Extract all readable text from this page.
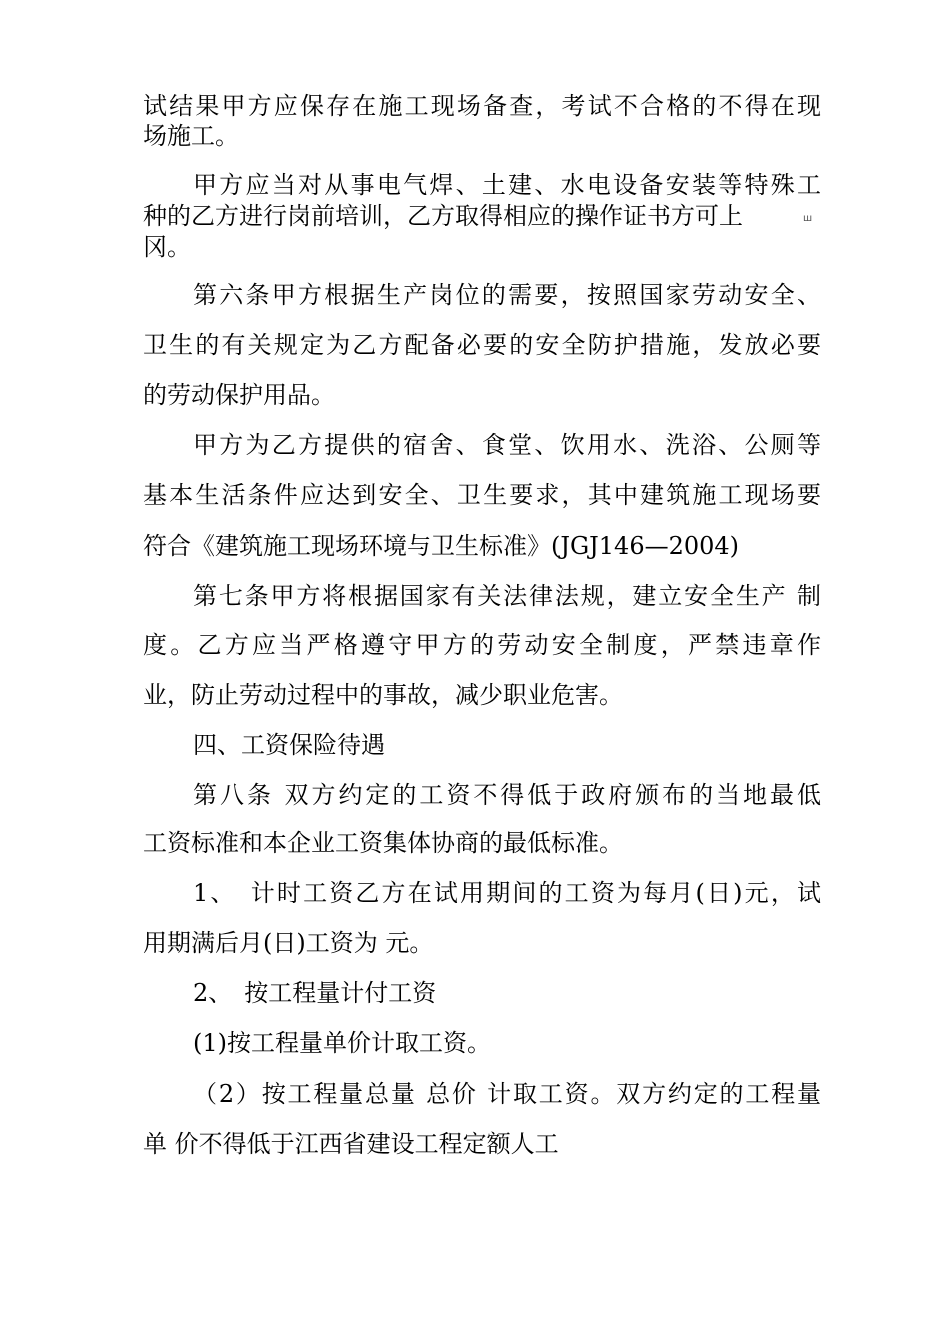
试结果甲方应保存在施工现场备查，考试不合格的不得在现
场施工。
甲方应当对从事电气焊、土建、水电设备安装等特殊工
种的乙方进行岗前培训，乙方取得相应的操作证书方可上	ш
冈。
第六条甲方根据生产岗位的需要，按照国家劳动安全、
卫生的有关规定为乙方配备必要的安全防护措施，发放必要
的劳动保护用品。
甲方为乙方提供的宿舍、食堂、饮用水、洗浴、公厕等
基本生活条件应达到安全、卫生要求，其中建筑施工现场要
符合《建筑施工现场环境与卫生标准》(JGJ146—2004)
第七条甲方将根据国家有关法律法规，建立安全生产 制
度。乙方应当严格遵守甲方的劳动安全制度，严禁违章作
业，防止劳动过程中的事故，减少职业危害。
四、工资保险待遇
第八条 双方约定的工资不得低于政府颁布的当地最低
工资标准和本企业工资集体协商的最低标准。
1、　计时工资乙方在试用期间的工资为每月(日)元，试
用期满后月(日)工资为 元。
2、　按工程量计付工资
(1)按工程量单价计取工资。
（2）按工程量总量 总价 计取工资。双方约定的工程量
单 价不得低于江西省建设工程定额人工
